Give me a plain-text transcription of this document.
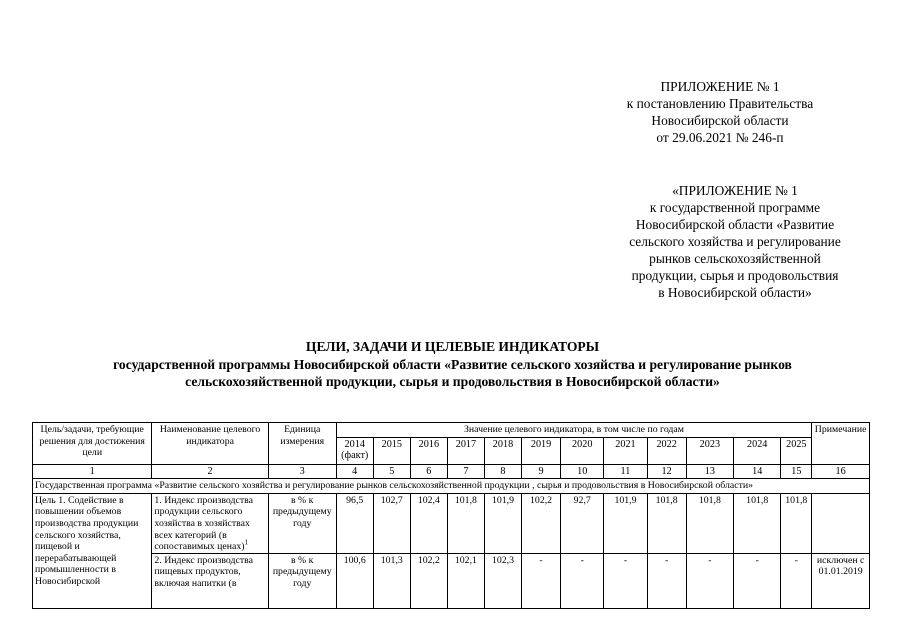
ПРИЛОЖЕНИЕ № 1
к постановлению Правительства
Новосибирской области
от 29.06.2021 № 246-п
«ПРИЛОЖЕНИЕ № 1
к государственной программе
Новосибирской области «Развитие
сельского хозяйства и регулирование
рынков сельскохозяйственной
продукции, сырья и продовольствия
в Новосибирской области»
ЦЕЛИ, ЗАДАЧИ И ЦЕЛЕВЫЕ ИНДИКАТОРЫ
государственной программы Новосибирской области «Развитие сельского хозяйства и регулирование рынков
сельскохозяйственной продукции, сырья и продовольствия в Новосибирской области»
Цель/задачи, требующие решения для достижения цели	Наименование целевого индикатора	Единица измерения	Значение целевого индикатора, в том числе по годам												Примечание
			2014 (факт)	2015	2016	2017	2018	2019	2020	2021	2022	2023	2024	2025	
1	2	3	4	5	6	7	8	9	10	11	12	13	14	15	16
Государственная программа «Развитие сельского хозяйства и регулирование рынков сельскохозяйственной продукции , сырья и продовольствия в Новосибирской области»															

Цель 1. Содействие в повышении объемов производства продукции сельского хозяйства, пищевой и перерабатывающей промышленности в Новосибирской	1. Индекс производства продукции сельского хозяйства в хозяйствах всех категорий (в сопоставимых ценах)$^1$	в % к предыдущему году	96,5	102,7	102,4	101,8	101,9	102,2	92,7	101,9	101,8	101,8	101,8	101,8	

	2. Индекс производства пищевых продуктов, включая напитки (в	в % к предыдущему году	100,6	101,3	102,2	102,1	102,3	-	-	-	-	-	-	-	исключен с 01.01.2019
